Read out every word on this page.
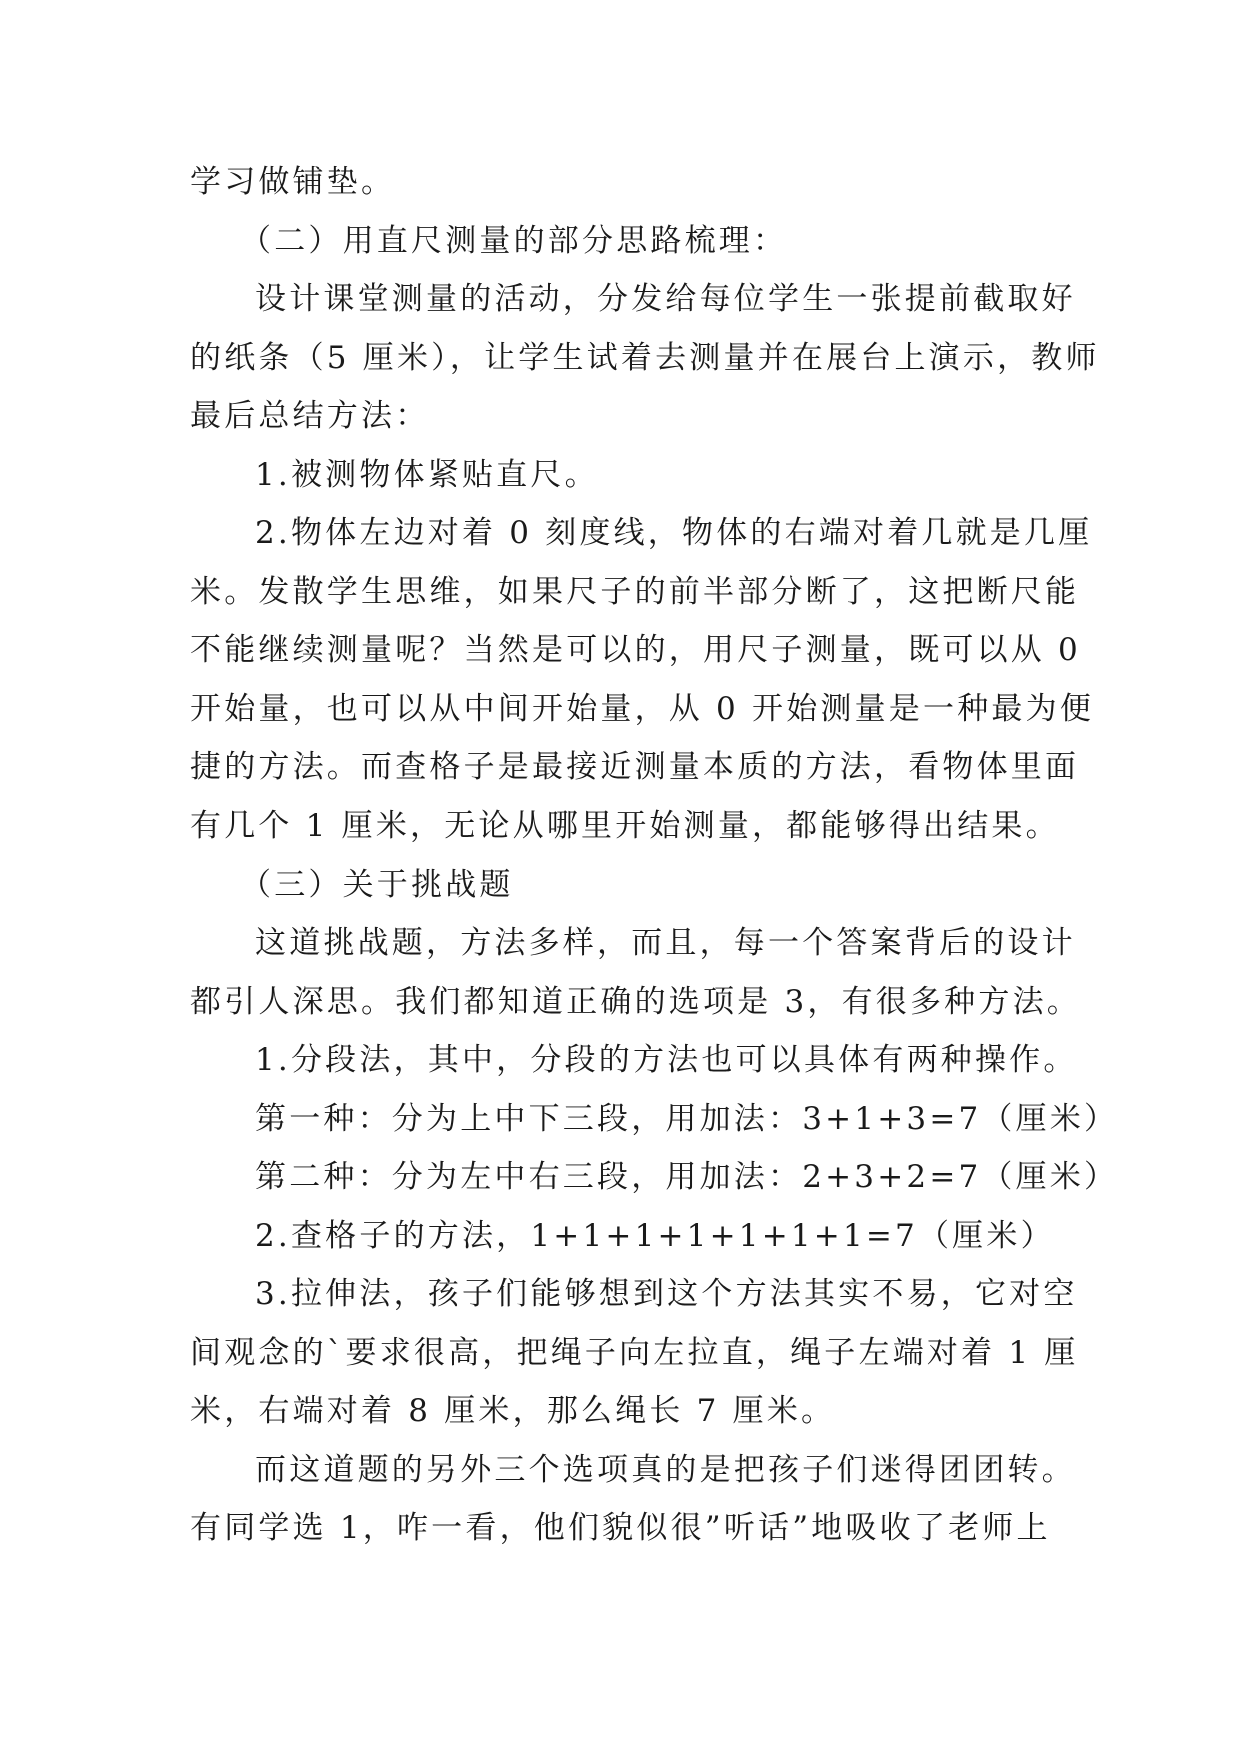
学习做铺垫。
（二）用直尺测量的部分思路梳理：
设计课堂测量的活动，分发给每位学生一张提前截取好
的纸条（5 厘米），让学生试着去测量并在展台上演示，教师
最后总结方法：
1.被测物体紧贴直尺。
2.物体左边对着 0 刻度线，物体的右端对着几就是几厘
米。发散学生思维，如果尺子的前半部分断了，这把断尺能
不能继续测量呢？当然是可以的，用尺子测量，既可以从 0
开始量，也可以从中间开始量，从 0 开始测量是一种最为便
捷的方法。而查格子是最接近测量本质的方法，看物体里面
有几个 1 厘米，无论从哪里开始测量，都能够得出结果。
（三）关于挑战题
这道挑战题，方法多样，而且，每一个答案背后的设计
都引人深思。我们都知道正确的选项是 3，有很多种方法。
1.分段法，其中，分段的方法也可以具体有两种操作。
第一种：分为上中下三段，用加法：3+1+3=7（厘米）
第二种：分为左中右三段，用加法：2+3+2=7（厘米）
2.查格子的方法，1+1+1+1+1+1+1=7（厘米）
3.拉伸法，孩子们能够想到这个方法其实不易，它对空
间观念的`要求很高，把绳子向左拉直，绳子左端对着 1 厘
米，右端对着 8 厘米，那么绳长 7 厘米。
而这道题的另外三个选项真的是把孩子们迷得团团转。
有同学选 1，咋一看，他们貌似很”听话”地吸收了老师上
